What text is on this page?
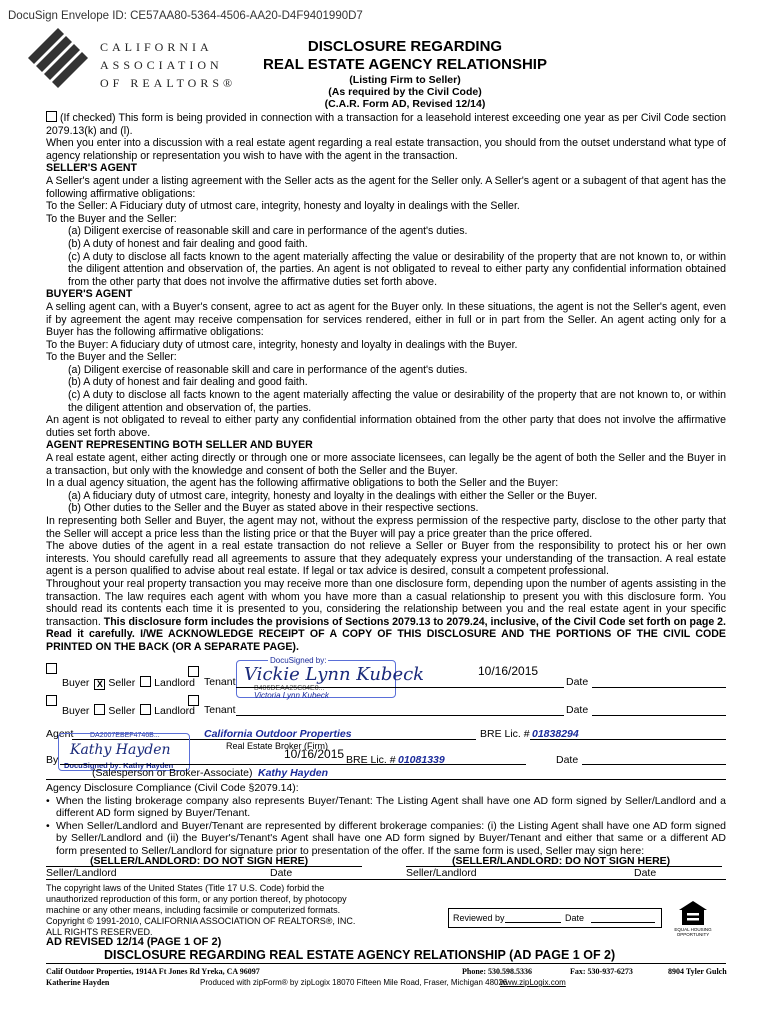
DocuSign Envelope ID: CE57AA80-5364-4506-AA20-D4F9401990D7
CALIFORNIA
ASSOCIATION
OF REALTORS®
DISCLOSURE REGARDING
REAL ESTATE AGENCY RELATIONSHIP
(Listing Firm to Seller)
(As required by the Civil Code)
(C.A.R. Form AD, Revised 12/14)

(If checked) This form is being provided in connection with a transaction for a leasehold interest exceeding one year as per Civil Code section 2079.13(k) and (l).

When you enter into a discussion with a real estate agent regarding a real estate transaction, you should from the outset understand what type of agency relationship or representation you wish to have with the agent in the transaction.

SELLER'S AGENT

A Seller's agent under a listing agreement with the Seller acts as the agent for the Seller only. A Seller's agent or a subagent of that agent has the following affirmative obligations:

To the Seller: A Fiduciary duty of utmost care, integrity, honesty and loyalty in dealings with the Seller.

To the Buyer and the Seller:

(a) Diligent exercise of reasonable skill and care in performance of the agent's duties.

(b) A duty of honest and fair dealing and good faith.

(c) A duty to disclose all facts known to the agent materially affecting the value or desirability of the property that are not known to, or within the diligent attention and observation of, the parties. An agent is not obligated to reveal to either party any confidential information obtained from the other party that does not involve the affirmative duties set forth above.

BUYER'S AGENT

A selling agent can, with a Buyer's consent, agree to act as agent for the Buyer only. In these situations, the agent is not the Seller's agent, even if by agreement the agent may receive compensation for services rendered, either in full or in part from the Seller. An agent acting only for a Buyer has the following affirmative obligations:

To the Buyer: A fiduciary duty of utmost care, integrity, honesty and loyalty in dealings with the Buyer.

To the Buyer and the Seller:

(a) Diligent exercise of reasonable skill and care in performance of the agent's duties.

(b) A duty of honest and fair dealing and good faith.

(c) A duty to disclose all facts known to the agent materially affecting the value or desirability of the property that are not known to, or within the diligent attention and observation of, the parties.

An agent is not obligated to reveal to either party any confidential information obtained from the other party that does not involve the affirmative duties set forth above.

AGENT REPRESENTING BOTH SELLER AND BUYER

A real estate agent, either acting directly or through one or more associate licensees, can legally be the agent of both the Seller and the Buyer in a transaction, but only with the knowledge and consent of both the Seller and the Buyer.

In a dual agency situation, the agent has the following affirmative obligations to both the Seller and the Buyer:

(a) A fiduciary duty of utmost care, integrity, honesty and loyalty in the dealings with either the Seller or the Buyer.

(b) Other duties to the Seller and the Buyer as stated above in their respective sections.

In representing both Seller and Buyer, the agent may not, without the express permission of the respective party, disclose to the other party that the Seller will accept a price less than the listing price or that the Buyer will pay a price greater than the price offered.

The above duties of the agent in a real estate transaction do not relieve a Seller or Buyer from the responsibility to protect his or her own interests. You should carefully read all agreements to assure that they adequately express your understanding of the transaction. A real estate agent is a person qualified to advise about real estate. If legal or tax advice is desired, consult a competent professional.

Throughout your real property transaction you may receive more than one disclosure form, depending upon the number of agents assisting in the transaction. The law requires each agent with whom you have more than a casual relationship to present you with this disclosure form. You should read its contents each time it is presented to you, considering the relationship between you and the real estate agent in your specific transaction. This disclosure form includes the provisions of Sections 2079.13 to 2079.24, inclusive, of the Civil Code set forth on page 2. Read it carefully. I/WE ACKNOWLEDGE RECEIPT OF A COPY OF THIS DISCLOSURE AND THE PORTIONS OF THE CIVIL CODE PRINTED ON THE BACK (OR A SEPARATE PAGE).

DocuSigned by:
Vickie Lynn Kubeck
B406DEAA25C84E0...
Victoria Lynn Kubeck
10/16/2015
Buyer X Seller Landlord Tenant	Date
Buyer Seller Landlord Tenant	Date
Agent DA2007EBEF4746B...	California Outdoor Properties	BRE Lic. # 01838294
Real Estate Broker (Firm)
By
Kathy Hayden
DocuSigned by: Kathy Hayden
10/16/2015 BRE Lic. # 01081339	Date
(Salesperson or Broker-Associate) Kathy Hayden
Agency Disclosure Compliance (Civil Code §2079.14):
• When the listing brokerage company also represents Buyer/Tenant: The Listing Agent shall have one AD form signed by Seller/Landlord and a different AD form signed by Buyer/Tenant.
• When Seller/Landlord and Buyer/Tenant are represented by different brokerage companies: (i) the Listing Agent shall have one AD form signed by Seller/Landlord and (ii) the Buyer's/Tenant's Agent shall have one AD form signed by Buyer/Tenant and either that same or a different AD form presented to Seller/Landlord for signature prior to presentation of the offer. If the same form is used, Seller may sign here:
(SELLER/LANDLORD: DO NOT SIGN HERE)	(SELLER/LANDLORD: DO NOT SIGN HERE)
Seller/Landlord	Date	Seller/Landlord	Date
The copyright laws of the United States (Title 17 U.S. Code) forbid the
unauthorized reproduction of this form, or any portion thereof, by photocopy
machine or any other means, including facsimile or computerized formats.
Copyright © 1991-2010, CALIFORNIA ASSOCIATION OF REALTORS®, INC.
ALL RIGHTS RESERVED.
Reviewed by	Date
EQUAL HOUSING
OPPORTUNITY
AD REVISED 12/14 (PAGE 1 OF 2)
DISCLOSURE REGARDING REAL ESTATE AGENCY RELATIONSHIP (AD PAGE 1 OF 2)
Calif Outdoor Properties, 1914A Ft Jones Rd Yreka, CA 96097	Phone: 530.598.5336	Fax: 530-937-6273	8904 Tyler Gulch
Katherine Hayden	Produced with zipForm® by zipLogix 18070 Fifteen Mile Road, Fraser, Michigan 48026
www.zipLogix.com
